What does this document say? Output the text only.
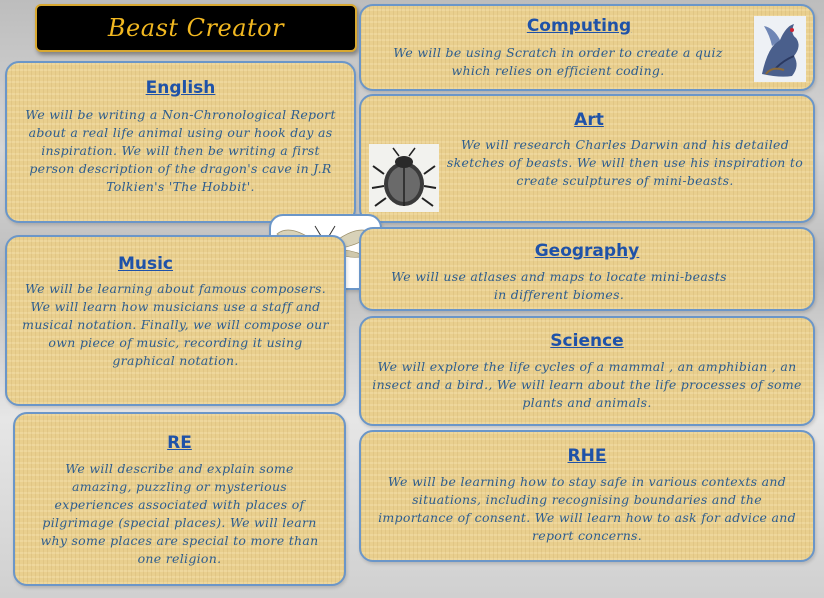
Beast Creator	Computing

We will be using Scratch in order to create a quiz which relies on efficient coding.

English

We will be writing a Non-Chronological Report about a real life animal using our hook day as inspiration. We will then be writing a first person description of the dragon's cave in J.R Tolkien's 'The Hobbit'.

Art

We will research Charles Darwin and his detailed sketches of beasts. We will then use his inspiration to create sculptures of mini-beasts.

Music

We will be learning about famous composers. We will learn how musicians use a staff and musical notation. Finally, we will compose our own piece of music, recording it using graphical notation.

Geography

We will use atlases and maps to locate mini-beasts in different biomes.

Science

We will explore the life cycles of a mammal , an amphibian , an insect and a bird., We will learn about the life processes of some plants and animals.

RE

We will describe and explain some amazing, puzzling or mysterious experiences associated with places of pilgrimage (special places). We will learn why some places are special to more than one religion.

RHE

We will be learning how to stay safe in various contexts and situations, including recognising boundaries and the importance of consent. We will learn how to ask for advice and report concerns.
